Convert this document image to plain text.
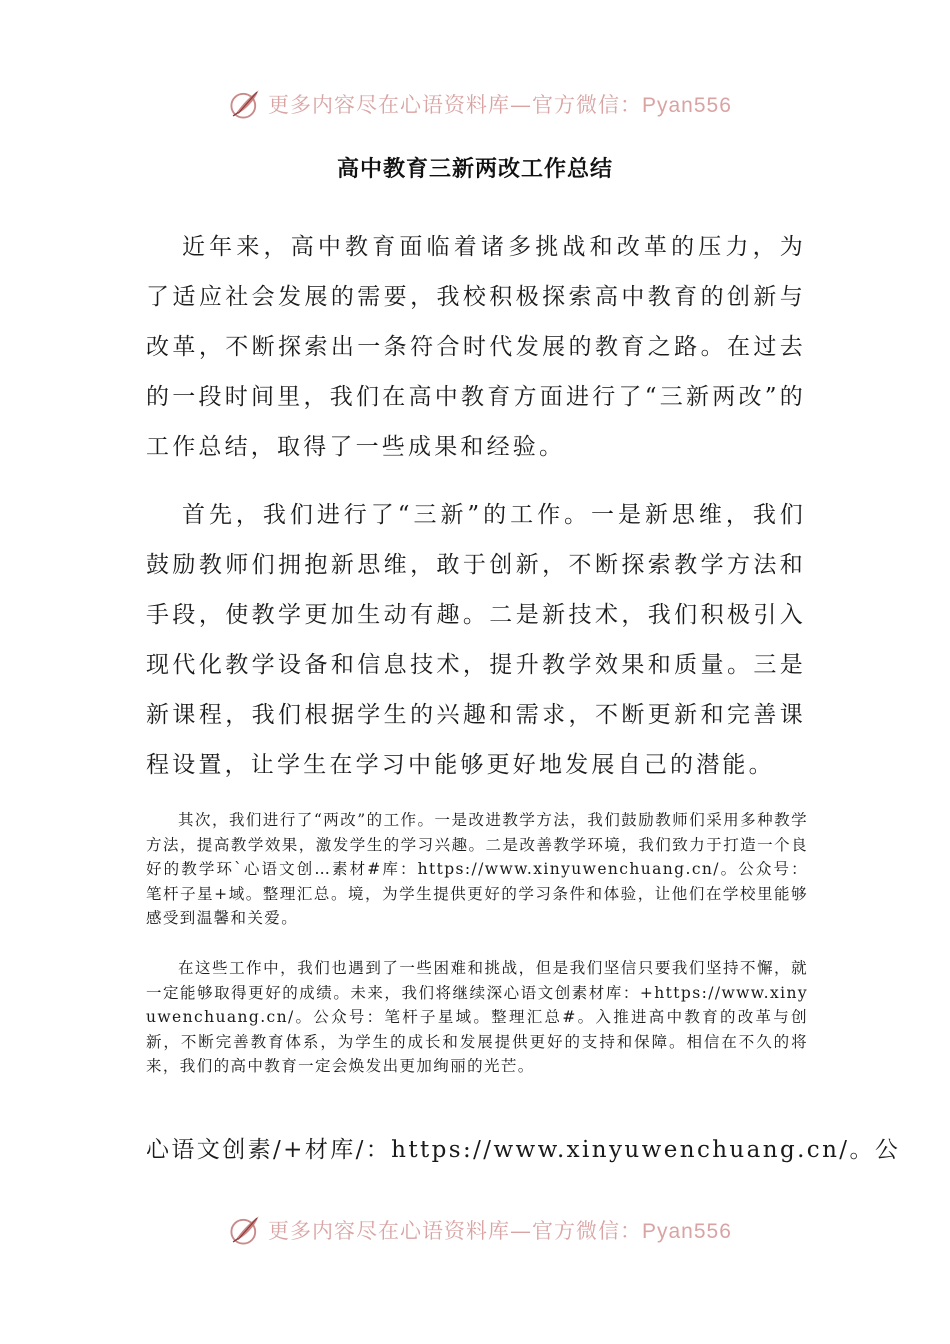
更多内容尽在心语资料库—官方微信：Pyan556
高中教育三新两改工作总结

近年来，高中教育面临着诸多挑战和改革的压力，为了适应社会发展的需要，我校积极探索高中教育的创新与改革，不断探索出一条符合时代发展的教育之路。在过去的一段时间里，我们在高中教育方面进行了“三新两改”的工作总结，取得了一些成果和经验。

首先，我们进行了“三新”的工作。一是新思维，我们鼓励教师们拥抱新思维，敢于创新，不断探索教学方法和手段，使教学更加生动有趣。二是新技术，我们积极引入现代化教学设备和信息技术，提升教学效果和质量。三是新课程，我们根据学生的兴趣和需求，不断更新和完善课程设置，让学生在学习中能够更好地发展自己的潜能。

其次，我们进行了“两改”的工作。一是改进教学方法，我们鼓励教师们采用多种教学方法，提高教学效果，激发学生的学习兴趣。二是改善教学环境，我们致力于打造一个良好的教学环`心语文创…素材#库：https://www.xinyuwenchuang.cn/。公众号：笔杆子星+域。整理汇总。境，为学生提供更好的学习条件和体验，让他们在学校里能够感受到温馨和关爱。

在这些工作中，我们也遇到了一些困难和挑战，但是我们坚信只要我们坚持不懈，就一定能够取得更好的成绩。未来，我们将继续深心语文创素材库：+https://www.xinyuwenchuang.cn/。公众号：笔杆子星域。整理汇总#。入推进高中教育的改革与创新，不断完善教育体系，为学生的成长和发展提供更好的支持和保障。相信在不久的将来，我们的高中教育一定会焕发出更加绚丽的光芒。

心语文创素/+材库/：https://www.xinyuwenchuang.cn/。公

更多内容尽在心语资料库—官方微信：Pyan556
